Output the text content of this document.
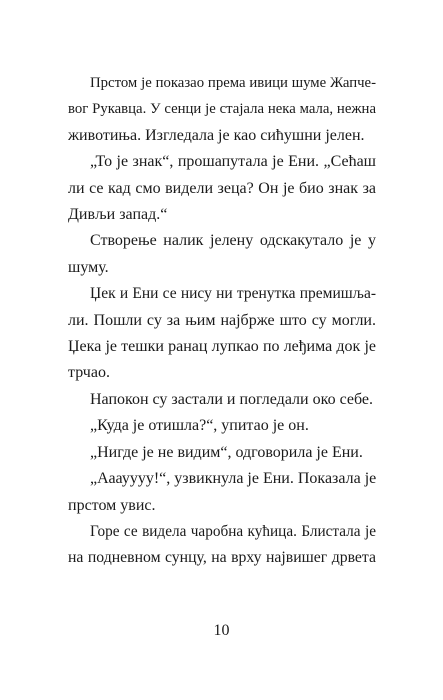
Прстом је показао према ивици шуме Жапче-
вог Рукавца. У сенци је стајала нека мала, нежна
животиња. Изгледала је као сићушни јелен.

„То је знак“, прошапутала је Ени. „Сећаш
ли се кад смо видели зеца? Он је био знак за
Дивљи запад.“

Створење налик јелену одскакутало је у
шуму.

Џек и Ени се нису ни тренутка премишља-
ли. Пошли су за њим најбрже што су могли.
Џека је тешки ранац лупкао по леђима док је
трчао.

Напокон су застали и погледали око себе.

„Куда је отишла?“, упитао је он.

„Нигде је не видим“, одговорила је Ени.

„Ааауууу!“, узвикнула је Ени. Показала је
прстом увис.

Горе се видела чаробна кућица. Блистала је
на подневном сунцу, на врху највишег дрвета

10
